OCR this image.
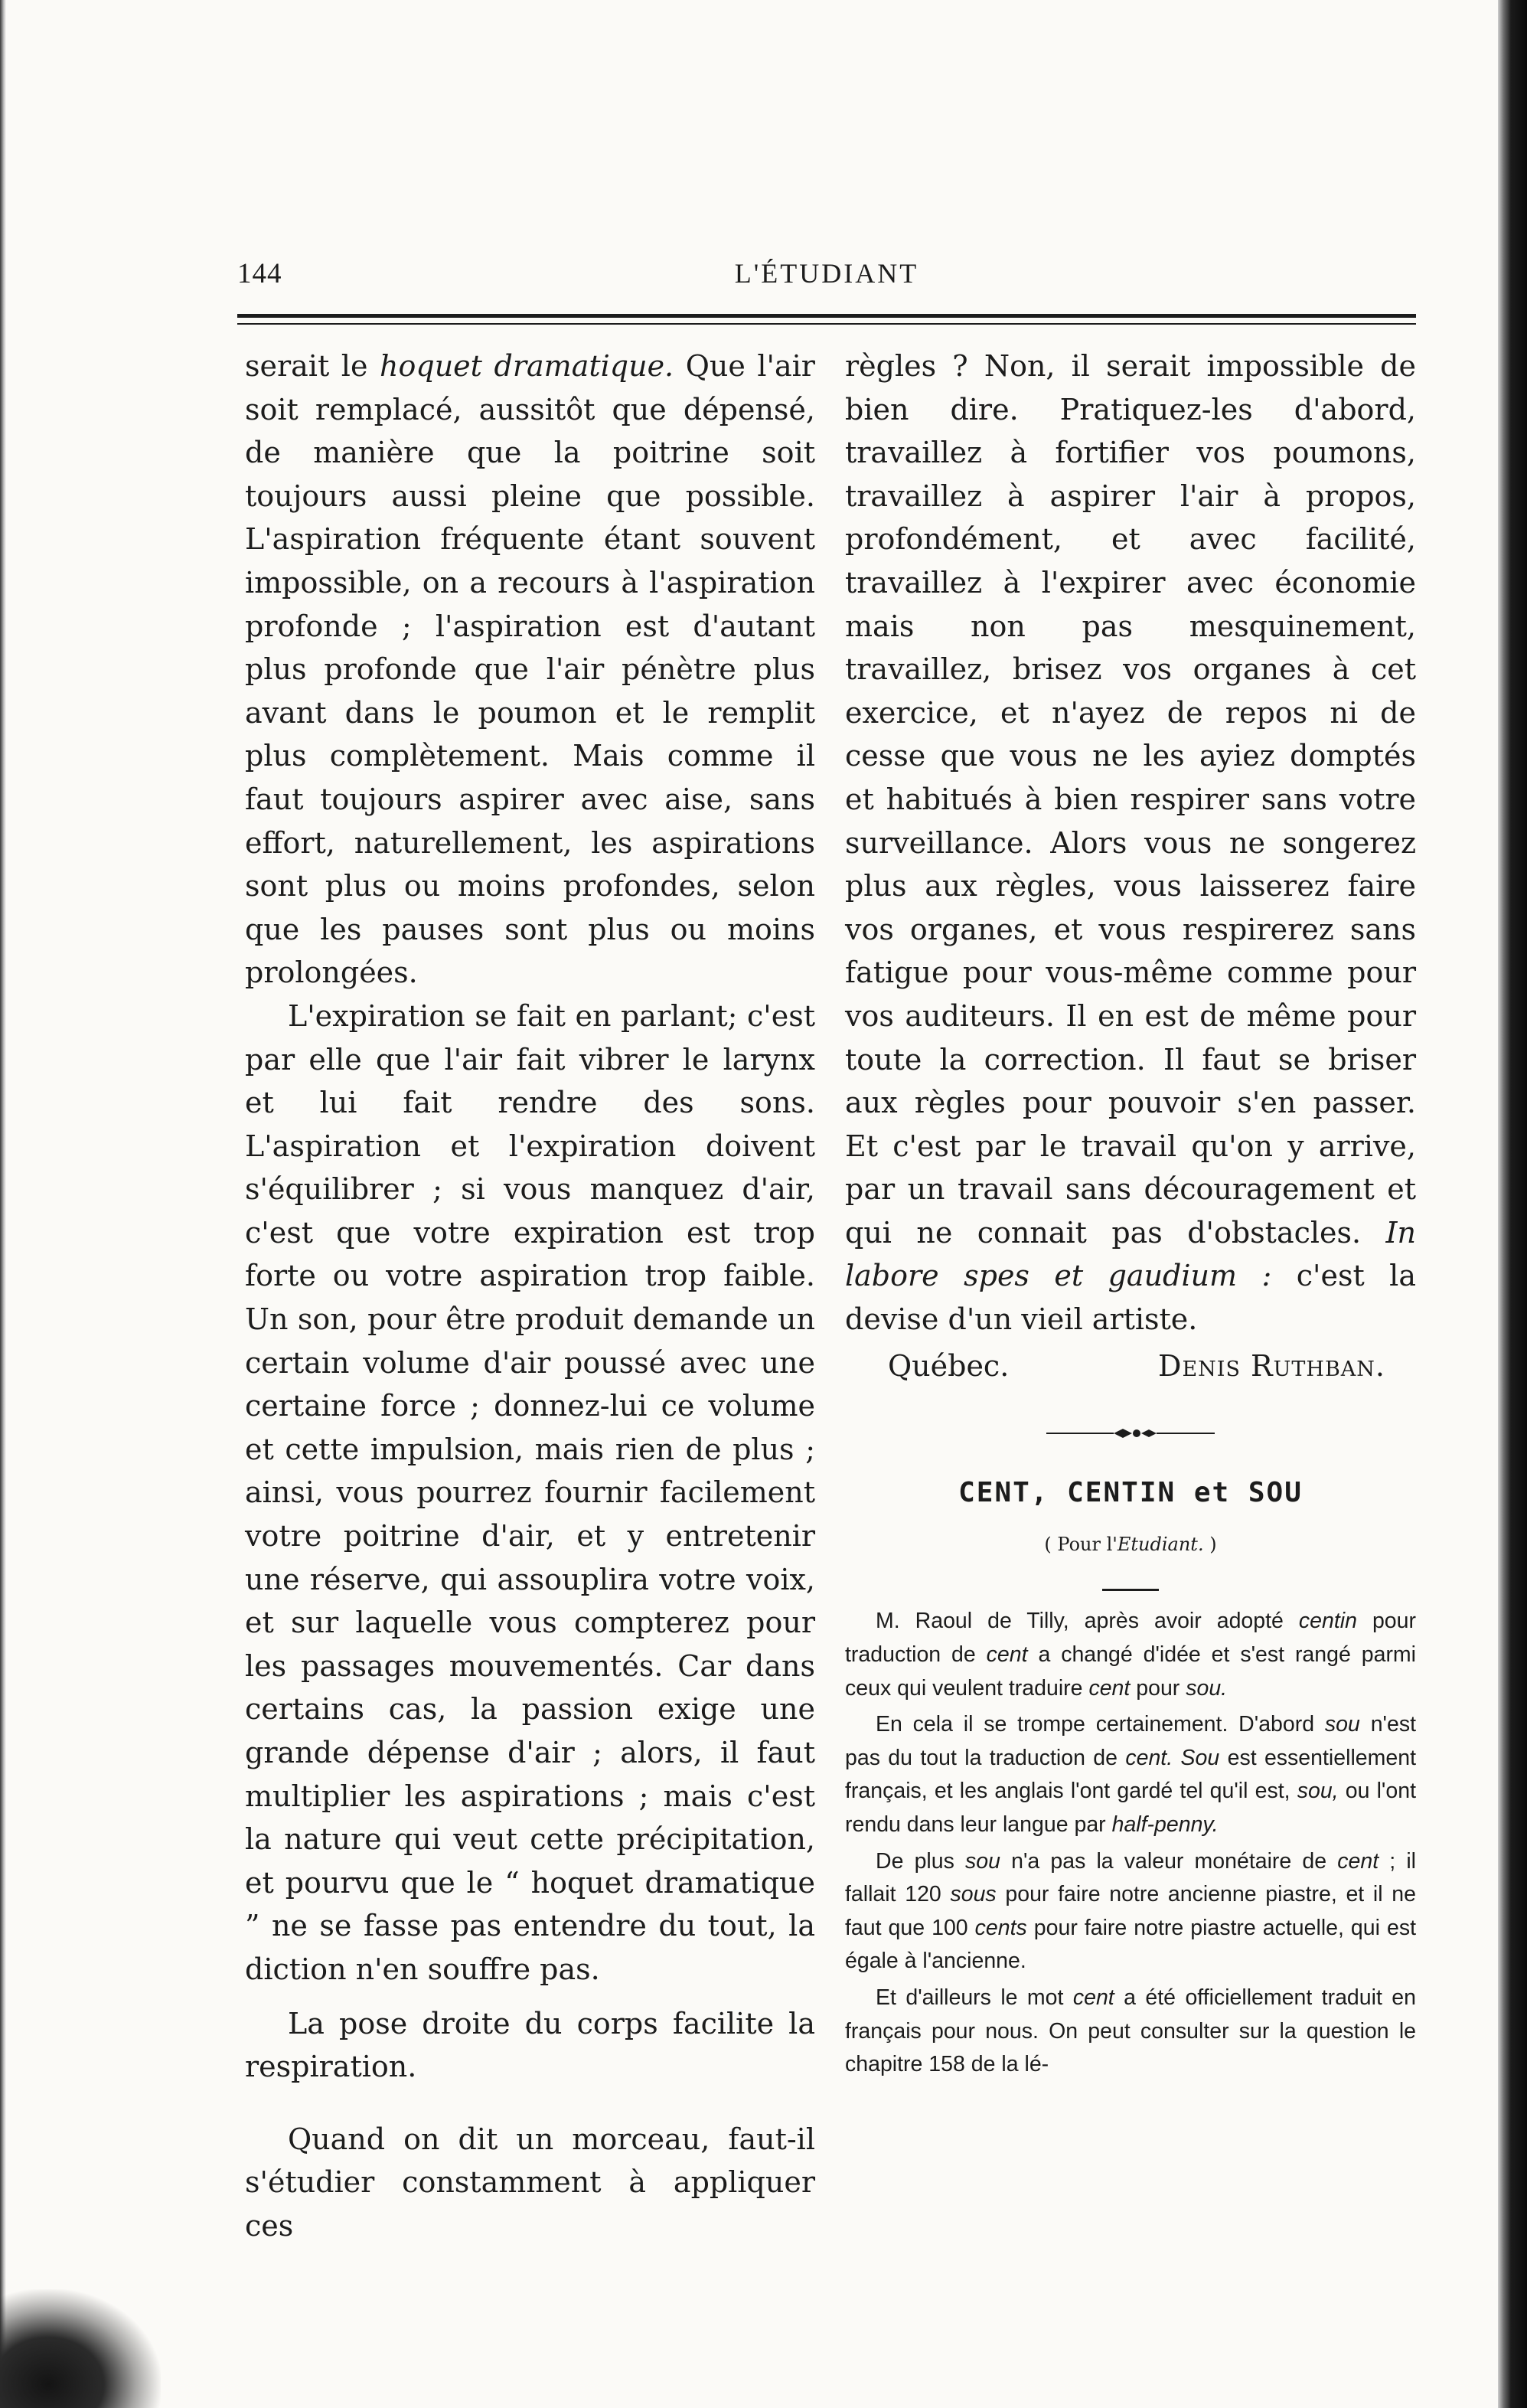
144	L'ÉTUDIANT

serait le hoquet dramatique. Que l'air soit remplacé, aussitôt que dépensé, de manière que la poitrine soit toujours aussi pleine que possible. L'aspiration fréquente étant souvent impossible, on a recours à l'aspiration profonde ; l'aspiration est d'autant plus profonde que l'air pénètre plus avant dans le poumon et le remplit plus complètement. Mais comme il faut toujours aspirer avec aise, sans effort, naturellement, les aspirations sont plus ou moins profondes, selon que les pauses sont plus ou moins prolongées.

L'expiration se fait en parlant; c'est par elle que l'air fait vibrer le larynx et lui fait rendre des sons. L'aspiration et l'expiration doivent s'équilibrer ; si vous manquez d'air, c'est que votre expiration est trop forte ou votre aspiration trop faible. Un son, pour être produit demande un certain volume d'air poussé avec une certaine force ; donnez-lui ce volume et cette impulsion, mais rien de plus ; ainsi, vous pourrez fournir facilement votre poitrine d'air, et y entretenir une réserve, qui assouplira votre voix, et sur laquelle vous compterez pour les passages mouvementés. Car dans certains cas, la passion exige une grande dépense d'air ; alors, il faut multiplier les aspirations ; mais c'est la nature qui veut cette précipitation, et pourvu que le “ hoquet dramatique ” ne se fasse pas entendre du tout, la diction n'en souffre pas.

La pose droite du corps facilite la respiration.

Quand on dit un morceau, faut-il s'étudier constamment à appliquer ces

règles ? Non, il serait impossible de bien dire. Pratiquez-les d'abord, travaillez à fortifier vos poumons, travaillez à aspirer l'air à propos, profondément, et avec facilité, travaillez à l'expirer avec économie mais non pas mesquinement, travaillez, brisez vos organes à cet exercice, et n'ayez de repos ni de cesse que vous ne les ayiez domptés et habitués à bien respirer sans votre surveillance. Alors vous ne songerez plus aux règles, vous laisserez faire vos organes, et vous respirerez sans fatigue pour vous-même comme pour vos auditeurs. Il en est de même pour toute la correction. Il faut se briser aux règles pour pouvoir s'en passer. Et c'est par le travail qu'on y arrive, par un travail sans découragement et qui ne connait pas d'obstacles. In labore spes et gaudium : c'est la devise d'un vieil artiste.

Québec.	Denis Ruthban.

CENT, CENTIN et SOU

( Pour l'Etudiant. )

M. Raoul de Tilly, après avoir adopté centin pour traduction de cent a changé d'idée et s'est rangé parmi ceux qui veulent traduire cent pour sou.

En cela il se trompe certainement. D'abord sou n'est pas du tout la traduction de cent. Sou est essentiellement français, et les anglais l'ont gardé tel qu'il est, sou, ou l'ont rendu dans leur langue par half-penny.

De plus sou n'a pas la valeur monétaire de cent ; il fallait 120 sous pour faire notre ancienne piastre, et il ne faut que 100 cents pour faire notre piastre actuelle, qui est égale à l'ancienne.

Et d'ailleurs le mot cent a été officiellement traduit en français pour nous. On peut consulter sur la question le chapitre 158 de la lé-
